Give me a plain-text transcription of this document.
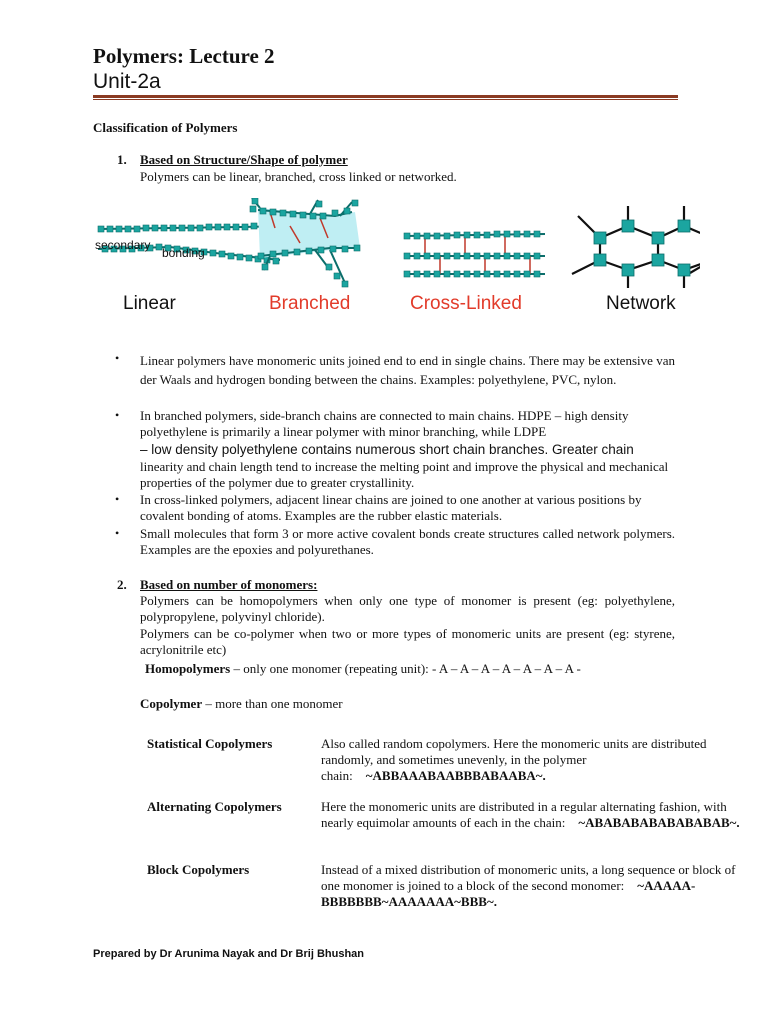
Polymers: Lecture 2
Unit-2a
Classification of Polymers
1. Based on Structure/Shape of polymer
Polymers can be linear, branched, cross linked or networked.
secondary
bonding
Linear	Branched	Cross-Linked	Network
• Linear polymers have monomeric units joined end to end in single chains. There may be extensive van der Waals and hydrogen bonding between the chains. Examples: polyethylene, PVC, nylon.
• In branched polymers, side-branch chains are connected to main chains. HDPE – high density polyethylene is primarily a linear polymer with minor branching, while LDPE
– low density polyethylene contains numerous short chain branches. Greater chain
linearity and chain length tend to increase the melting point and improve the physical and mechanical properties of the polymer due to greater crystallinity.
• In cross-linked polymers, adjacent linear chains are joined to one another at various positions by covalent bonding of atoms. Examples are the rubber elastic materials.
• Small molecules that form 3 or more active covalent bonds create structures called network polymers. Examples are the epoxies and polyurethanes.
2. Based on number of monomers:
Polymers can be homopolymers when only one type of monomer is present (eg: polyethylene, polypropylene, polyvinyl chloride).
Polymers can be co-polymer when two or more types of monomeric units are present (eg: styrene, acrylonitrile etc)
Homopolymers – only one monomer (repeating unit): - A – A – A – A – A – A – A -
Copolymer – more than one monomer
Statistical Copolymers	Also called random copolymers. Here the monomeric units are distributed randomly, and sometimes unevenly, in the polymer chain: ~ABBAAABAABBBABAABA~.
Alternating Copolymers	Here the monomeric units are distributed in a regular alternating fashion, with nearly equimolar amounts of each in the chain: ~ABABABABABABABAB~.
Block Copolymers	Instead of a mixed distribution of monomeric units, a long sequence or block of one monomer is joined to a block of the second monomer: ~AAAAA-BBBBBBB~AAAAAAA~BBB~.
Prepared by Dr Arunima Nayak and Dr Brij Bhushan
